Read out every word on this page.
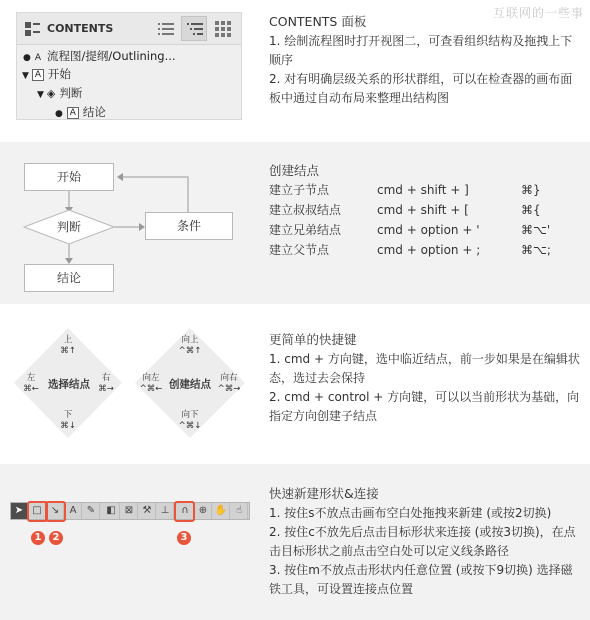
互联网的一些事
CONTENTS
● A 流程图/提纲/Outlining...
▼ A 开始
▼ ◈ 判断
● A 结论
CONTENTS 面板
1. 绘制流程图时打开视图二，可查看组织结构及拖拽上下顺序
2. 对有明确层级关系的形状群组，可以在检查器的画布面板中通过自动布局来整理出结构图
开始
判断	条件
结论
创建结点
建立子节点	cmd + shift + ]	⌘}
建立叔叔结点	cmd + shift + [	⌘{
建立兄弟结点	cmd + option + '	⌘⌥'
建立父节点	cmd + option + ;	⌘⌥;
上
⌘↑
下
⌘↓
左
⌘←
右
⌘→
选择结点
向上
^⌘↑
向下
^⌘↓
向左
^⌘←
向右
^⌘→
创建结点
更简单的快捷键
1. cmd + 方向键，选中临近结点，前一步如果是在编辑状态，选过去会保持
2. cmd + control + 方向键，可以以当前形状为基础，向指定方向创建子结点
快速新建形状&连接
1. 按住s不放点击画布空白处拖拽来新建 (或按2切换)
2. 按住c不放先后点击目标形状来连接 (或按3切换)，在点击目标形状之前点击空白处可以定义线条路径
3. 按住m不放点击形状内任意位置 (或按下9切换) 选择磁铁工具，可设置连接点位置
➤ □ ↘	A	✎	◧ ⊠ ⚒ ⊥	∩	⊕ ✋ ☝
1	2	3
